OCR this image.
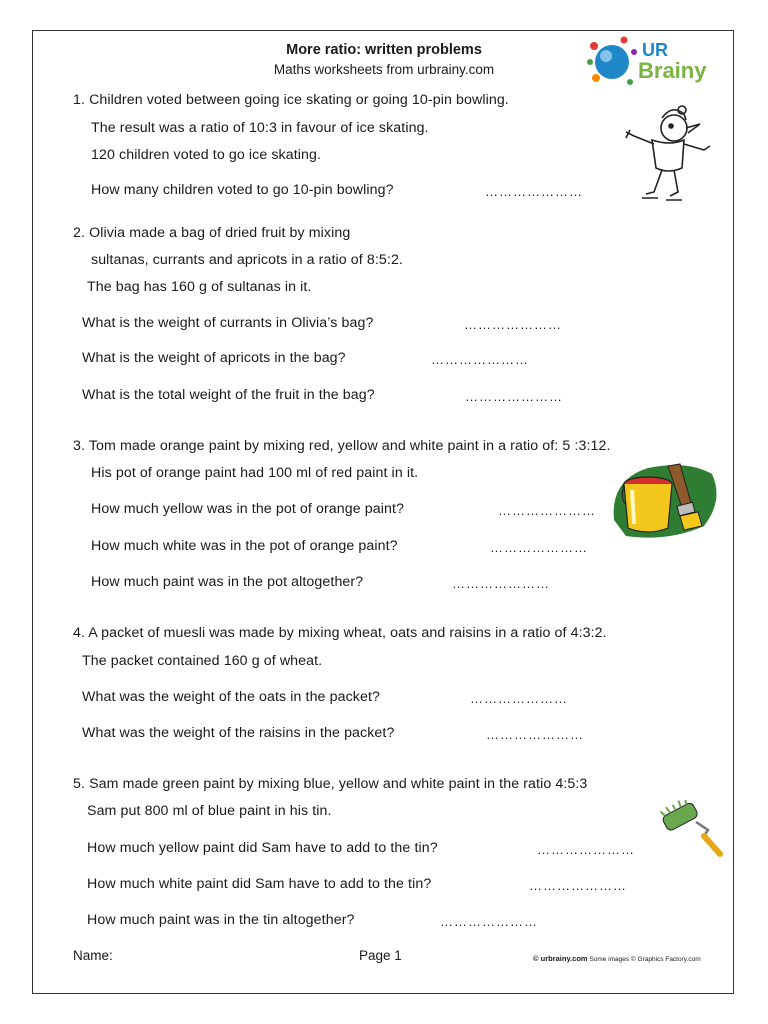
UR
Brainy
More ratio: written problems
Maths worksheets from urbrainy.com
1. Children voted between going ice skating or going 10-pin bowling.
The result was a ratio of 10:3 in favour of ice skating.
120 children voted to go ice skating.
How many children voted to go 10-pin bowling?	…………………
2. Olivia made a bag of dried fruit by mixing
sultanas, currants and apricots in a ratio of 8:5:2.
The bag has 160 g of sultanas in it.
What is the weight of currants in Olivia’s bag?	…………………
What is the weight of apricots in the bag?	…………………
What is the total weight of the fruit in the bag?	…………………
3. Tom made orange paint by mixing red, yellow and white paint in a ratio of: 5 :3:12.
His pot of orange paint had 100 ml of red paint in it.
How much yellow was in the pot of orange paint?	…………………
How much white was in the pot of orange paint?	…………………
How much paint was in the pot altogether?	…………………
4. A packet of muesli was made by mixing wheat, oats and raisins in a ratio of 4:3:2.
The packet contained 160 g of wheat.
What was the weight of the oats in the packet?	…………………
What was the weight of the raisins in the packet?	…………………
5. Sam made green paint by mixing blue, yellow and white paint in the ratio 4:5:3
Sam put 800 ml of blue paint in his tin.
How much yellow paint did Sam have to add to the tin?	…………………
How much white paint did Sam have to add to the tin?	…………………
How much paint was in the tin altogether?	…………………
Name:	Page 1	© urbrainy.com Some images © Graphics Factory.com
